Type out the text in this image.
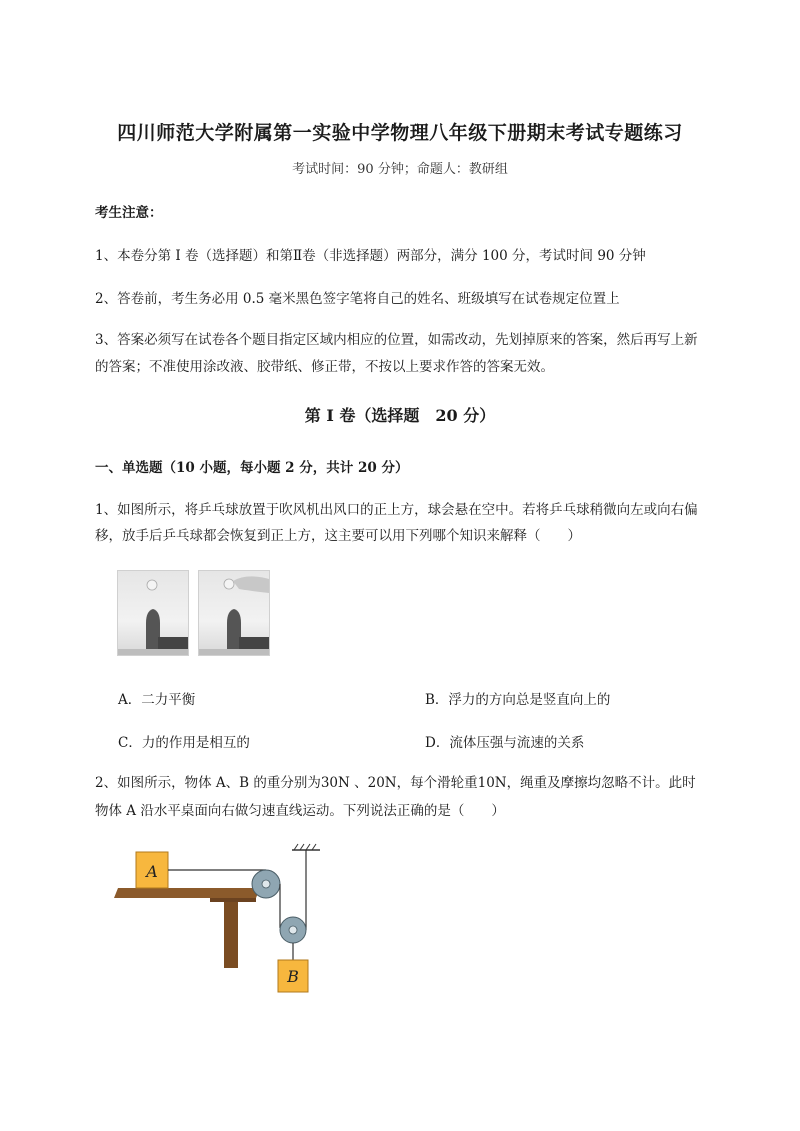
四川师范大学附属第一实验中学物理八年级下册期末考试专题练习
考试时间：90 分钟；命题人：教研组
考生注意：
1、本卷分第 I 卷（选择题）和第Ⅱ卷（非选择题）两部分，满分 100 分，考试时间 90 分钟
2、答卷前，考生务必用 0.5 毫米黑色签字笔将自己的姓名、班级填写在试卷规定位置上
3、答案必须写在试卷各个题目指定区域内相应的位置，如需改动，先划掉原来的答案，然后再写上新
的答案；不准使用涂改液、胶带纸、修正带，不按以上要求作答的答案无效。
第 I 卷（选择题　20 分）
一、单选题（10 小题，每小题 2 分，共计 20 分）
1、如图所示，将乒乓球放置于吹风机出风口的正上方，球会悬在空中。若将乒乓球稍微向左或向右偏
移，放手后乒乓球都会恢复到正上方，这主要可以用下列哪个知识来解释（　　）
A．二力平衡	B．浮力的方向总是竖直向上的
C．力的作用是相互的	D．流体压强与流速的关系
2、如图所示，物体 A、B 的重分别为30N 、20N，每个滑轮重10N，绳重及摩擦均忽略不计。此时
物体 A 沿水平桌面向右做匀速直线运动。下列说法正确的是（　　）
A
B
